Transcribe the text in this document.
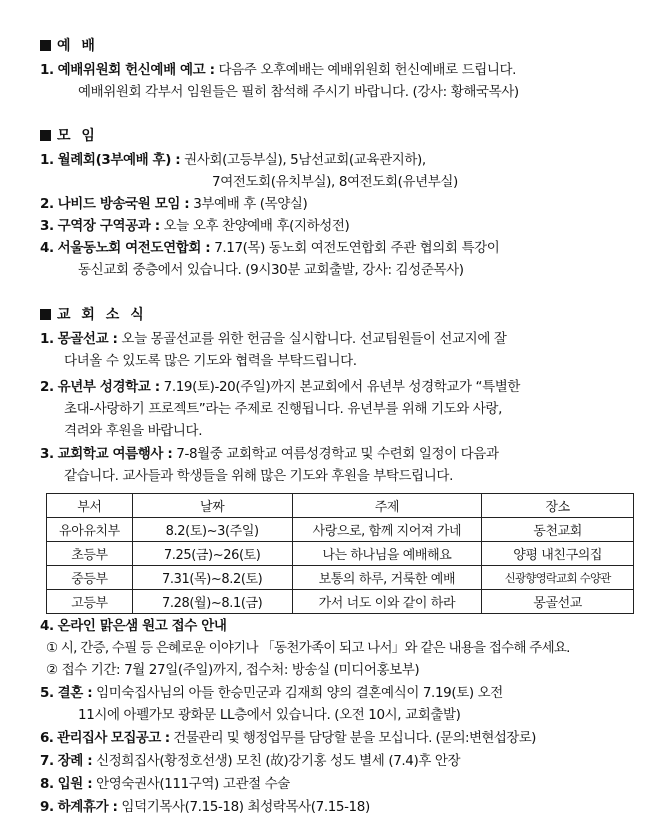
예 배
1. 예배위원회 헌신예배 예고 : 다음주 오후예배는 예배위원회 헌신예배로 드립니다.
예배위원회 각부서 임원들은 필히 참석해 주시기 바랍니다. (강사: 황해국목사)
모 임
1. 월례회(3부예배 후) : 권사회(고등부실), 5남선교회(교육관지하),
7여전도회(유치부실), 8여전도회(유년부실)
2. 나비드 방송국원 모임 : 3부예배 후 (목양실)
3. 구역장 구역공과 : 오늘 오후 찬양예배 후(지하성전)
4. 서울동노회 여전도연합회 : 7.17(목) 동노회 여전도연합회 주관 협의회 특강이
동신교회 중층에서 있습니다. (9시30분 교회출발, 강사: 김성준목사)
교 회 소 식
1. 몽골선교 : 오늘 몽골선교를 위한 헌금을 실시합니다. 선교팀원들이 선교지에 잘
다녀올 수 있도록 많은 기도와 협력을 부탁드립니다.
2. 유년부 성경학교 : 7.19(토)-20(주일)까지 본교회에서 유년부 성경학교가 “특별한
초대-사랑하기 프로젝트”라는 주제로 진행됩니다. 유년부를 위해 기도와 사랑,
격려와 후원을 바랍니다.
3. 교회학교 여름행사 : 7-8월중 교회학교 여름성경학교 및 수련회 일정이 다음과
같습니다. 교사들과 학생들을 위해 많은 기도와 후원을 부탁드립니다.
부서	날짜	주제	장소
유아유치부	8.2(토)~3(주일)	사랑으로, 함께 지어져 가네	동천교회
초등부	7.25(금)~26(토)	나는 하나님을 예배해요	양평 내친구의집
중등부	7.31(목)~8.2(토)	보통의 하루, 거룩한 예배	신광향영락교회 수양관
고등부	7.28(월)~8.1(금)	가서 너도 이와 같이 하라	몽골선교
4. 온라인 맑은샘 원고 접수 안내
① 시, 간증, 수필 등 은혜로운 이야기나 「동천가족이 되고 나서」와 같은 내용을 접수해 주세요.
② 접수 기간: 7월 27일(주일)까지, 접수처: 방송실 (미디어홍보부)
5. 결혼 : 임미숙집사님의 아들 한승민군과 김재희 양의 결혼예식이 7.19(토) 오전
11시에 아펠가모 광화문 LL층에서 있습니다. (오전 10시, 교회출발)
6. 관리집사 모집공고 : 건물관리 및 행정업무를 담당할 분을 모십니다. (문의:변현섭장로)
7. 장례 : 신정희집사(황정호선생) 모친 (故)강기홍 성도 별세 (7.4)후 안장
8. 입원 : 안영숙권사(111구역) 고관절 수술
9. 하계휴가 : 임덕기목사(7.15-18) 최성락목사(7.15-18)
